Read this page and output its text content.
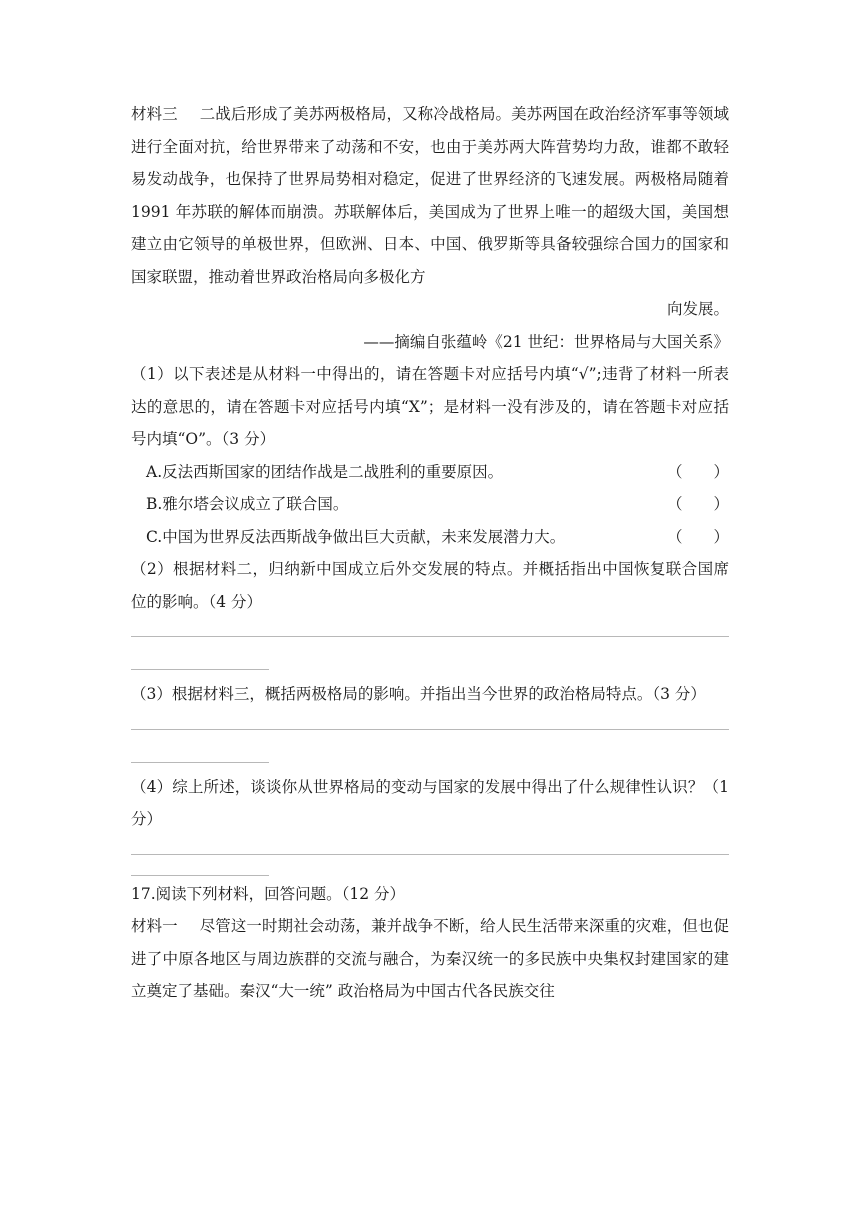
材料三 二战后形成了美苏两极格局，又称冷战格局。美苏两国在政治经济军事等领域进行全面对抗，给世界带来了动荡和不安，也由于美苏两大阵营势均力敌，谁都不敢轻易发动战争，也保持了世界局势相对稳定，促进了世界经济的飞速发展。两极格局随着 1991 年苏联的解体而崩溃。苏联解体后，美国成为了世界上唯一的超级大国，美国想建立由它领导的单极世界，但欧洲、日本、中国、俄罗斯等具备较强综合国力的国家和国家联盟，推动着世界政治格局向多极化方

向发展。
——摘编自张蕴岭《21 世纪：世界格局与大国关系》

（1）以下表述是从材料一中得出的，请在答题卡对应括号内填“√”;违背了材料一所表达的意思的，请在答题卡对应括号内填“X”；是材料一没有涉及的，请在答题卡对应括号内填“O”。（3 分）

A.反法西斯国家的团结作战是二战胜利的重要原因。	（　　）
B.雅尔塔会议成立了联合国。	（　　）
C.中国为世界反法西斯战争做出巨大贡献，未来发展潜力大。	（　　）

（2）根据材料二，归纳新中国成立后外交发展的特点。并概括指出中国恢复联合国席位的影响。（4 分）

（3）根据材料三，概括两极格局的影响。并指出当今世界的政治格局特点。（3 分）

（4）综上所述，谈谈你从世界格局的变动与国家的发展中得出了什么规律性认识？（1 分）

17.阅读下列材料，回答问题。（12 分）

材料一 尽管这一时期社会动荡，兼并战争不断，给人民生活带来深重的灾难，但也促进了中原各地区与周边族群的交流与融合，为秦汉统一的多民族中央集权封建国家的建立奠定了基础。秦汉“大一统” 政治格局为中国古代各民族交往
